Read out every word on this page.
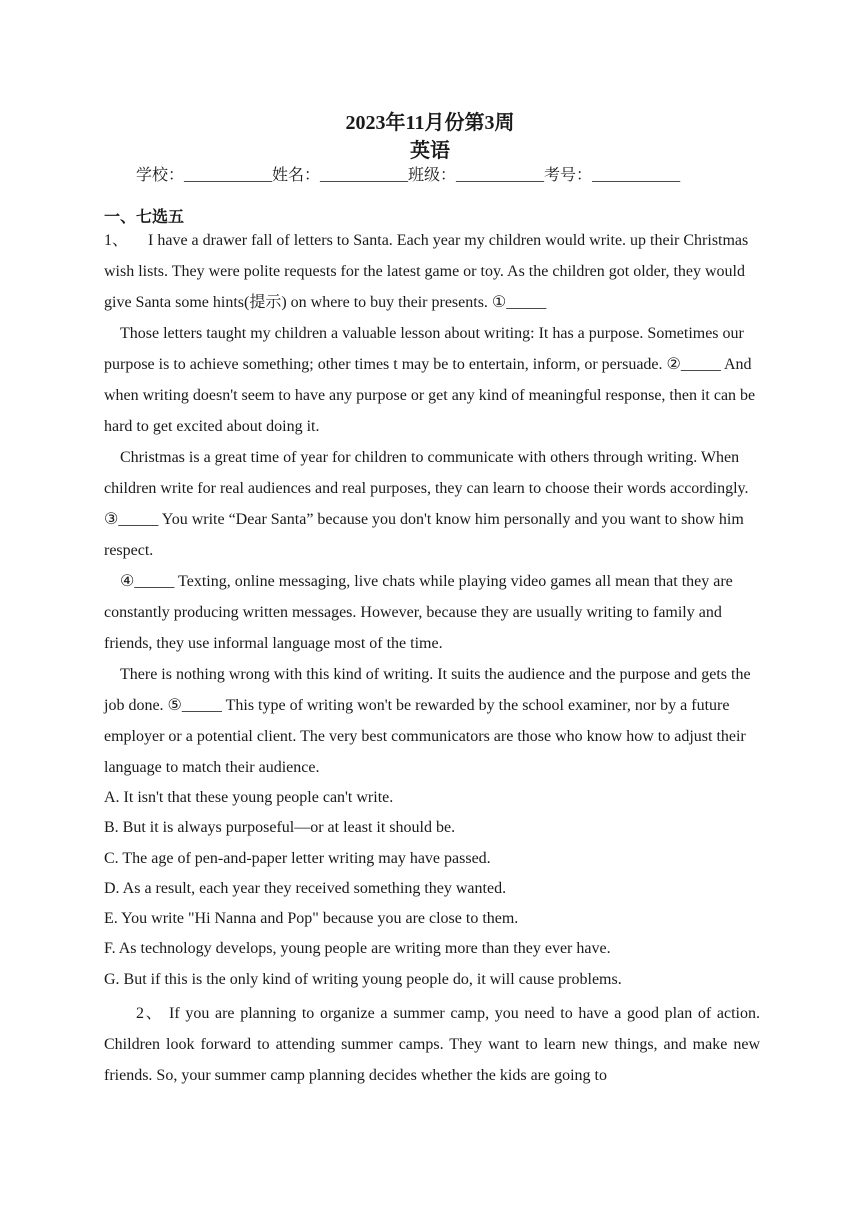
2023年11月份第3周
英语
学校：___________姓名：___________班级：___________考号：___________
一、七选五

1、 I have a drawer fall of letters to Santa. Each year my children would write. up their Christmas wish lists. They were polite requests for the latest game or toy. As the children got older, they would give Santa some hints(提示) on where to buy their presents. ①_____

Those letters taught my children a valuable lesson about writing: It has a purpose. Sometimes our purpose is to achieve something; other times t may be to entertain, inform, or persuade. ②_____ And when writing doesn't seem to have any purpose or get any kind of meaningful response, then it can be hard to get excited about doing it.

Christmas is a great time of year for children to communicate with others through writing. When children write for real audiences and real purposes, they can learn to choose their words accordingly. ③_____ You write “Dear Santa” because you don't know him personally and you want to show him respect.

④_____ Texting, online messaging, live chats while playing video games all mean that they are constantly producing written messages. However, because they are usually writing to family and friends, they use informal language most of the time.

There is nothing wrong with this kind of writing. It suits the audience and the purpose and gets the job done. ⑤_____ This type of writing won't be rewarded by the school examiner, nor by a future employer or a potential client. The very best communicators are those who know how to adjust their language to match their audience.

A. It isn't that these young people can't write.

B. But it is always purposeful—or at least it should be.

C. The age of pen-and-paper letter writing may have passed.

D. As a result, each year they received something they wanted.

E. You write "Hi Nanna and Pop" because you are close to them.

F. As technology develops, young people are writing more than they ever have.

G. But if this is the only kind of writing young people do, it will cause problems.

2、 If you are planning to organize a summer camp, you need to have a good plan of action. Children look forward to attending summer camps. They want to learn new things, and make new friends. So, your summer camp planning decides whether the kids are going to
